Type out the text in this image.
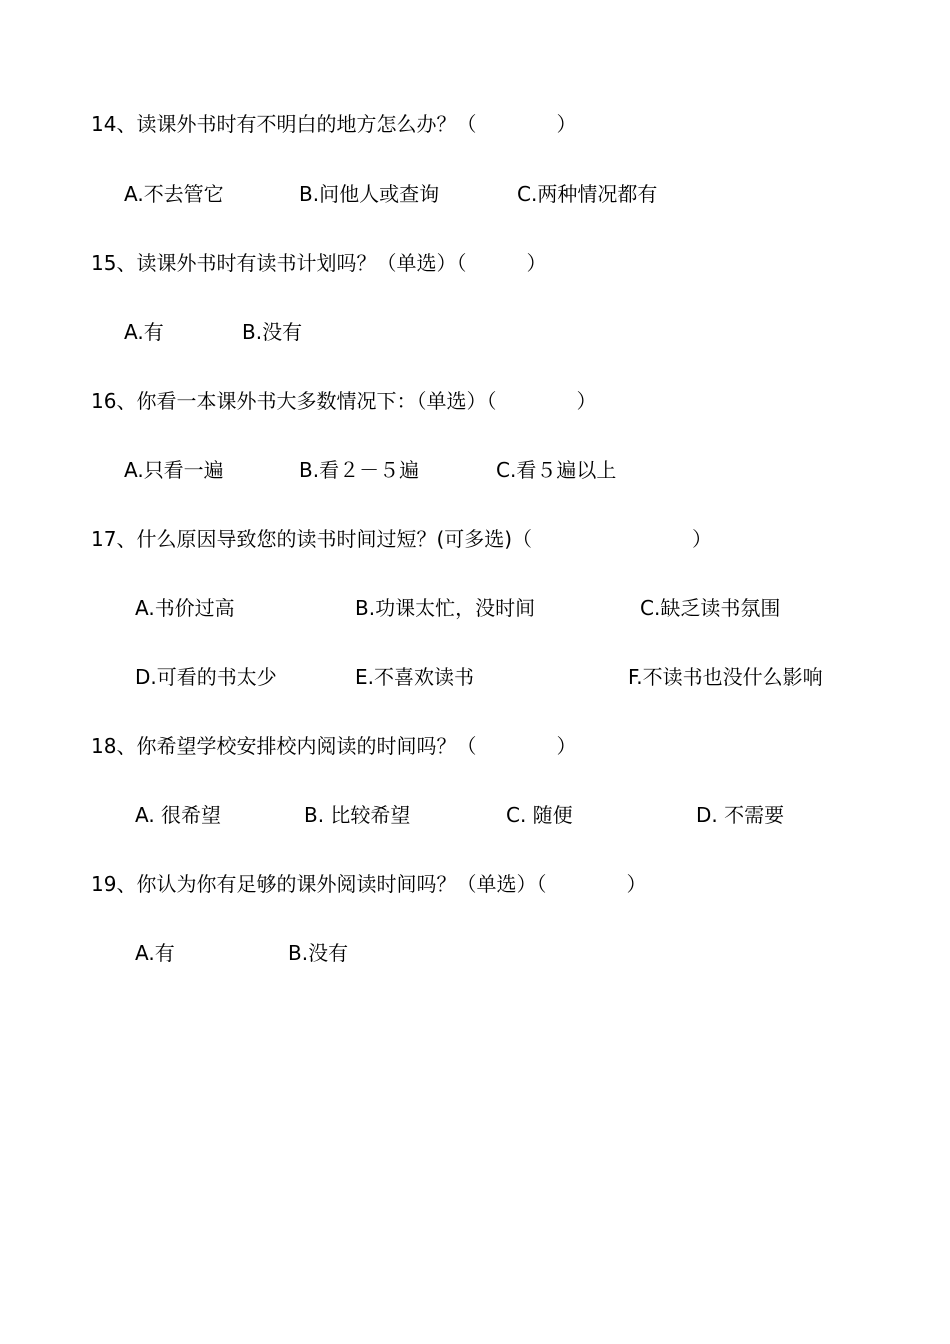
14、读课外书时有不明白的地方怎么办？（　　　　）
A.不去管它	B.问他人或查询	C.两种情况都有
15、读课外书时有读书计划吗？（单选）（　　　）
A.有	B.没有
16、你看一本课外书大多数情况下：（单选）（　　　　）
A.只看一遍	B.看２－５遍	C.看５遍以上
17、什么原因导致您的读书时间过短？(可多选)（　　　　　　　　）
A.书价过高	B.功课太忙，没时间	C.缺乏读书氛围
D.可看的书太少	E.不喜欢读书	F.不读书也没什么影响
18、你希望学校安排校内阅读的时间吗？（　　　　）
A. 很希望	B. 比较希望	C. 随便	D. 不需要
19、你认为你有足够的课外阅读时间吗？（单选）（　　　　）
A.有	B.没有
